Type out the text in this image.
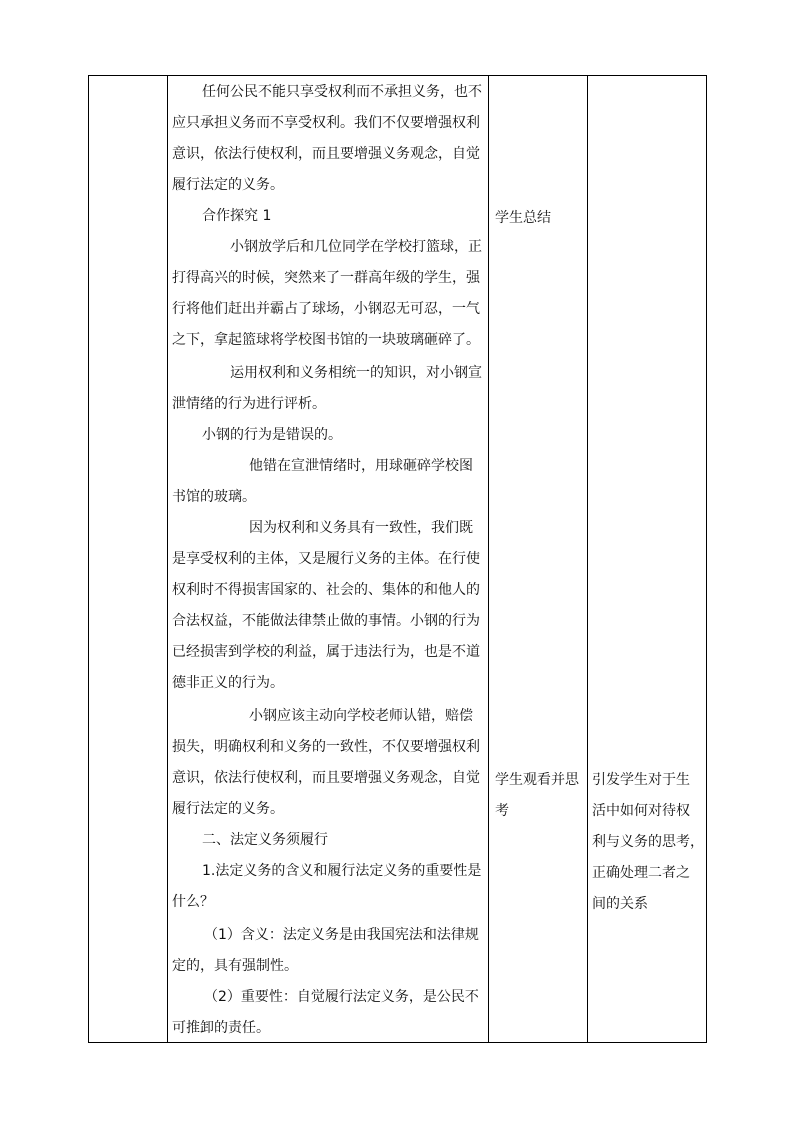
任何公民不能只享受权利而不承担义务，也不

应只承担义务而不享受权利。我们不仅要增强权利

意识，依法行使权利，而且要增强义务观念，自觉

履行法定的义务。

合作探究 1

小钢放学后和几位同学在学校打篮球，正

打得高兴的时候，突然来了一群高年级的学生，强

行将他们赶出并霸占了球场，小钢忍无可忍，一气

之下，拿起篮球将学校图书馆的一块玻璃砸碎了。

运用权利和义务相统一的知识，对小钢宣

泄情绪的行为进行评析。

小钢的行为是错误的。

他错在宣泄情绪时，用球砸碎学校图

书馆的玻璃。

因为权利和义务具有一致性，我们既

是享受权利的主体，又是履行义务的主体。在行使

权利时不得损害国家的、社会的、集体的和他人的

合法权益，不能做法律禁止做的事情。小钢的行为

已经损害到学校的利益，属于违法行为，也是不道

德非正义的行为。

小钢应该主动向学校老师认错，赔偿

损失，明确权利和义务的一致性，不仅要增强权利

意识，依法行使权利，而且要增强义务观念，自觉

履行法定的义务。

二、法定义务须履行

1.法定义务的含义和履行法定义务的重要性是

什么？

（1）含义：法定义务是由我国宪法和法律规

定的，具有强制性。

（2）重要性：自觉履行法定义务，是公民不

可推卸的责任。

学生总结

学生观看并思

考

引发学生对于生

活中如何对待权

利与义务的思考，

正确处理二者之

间的关系
